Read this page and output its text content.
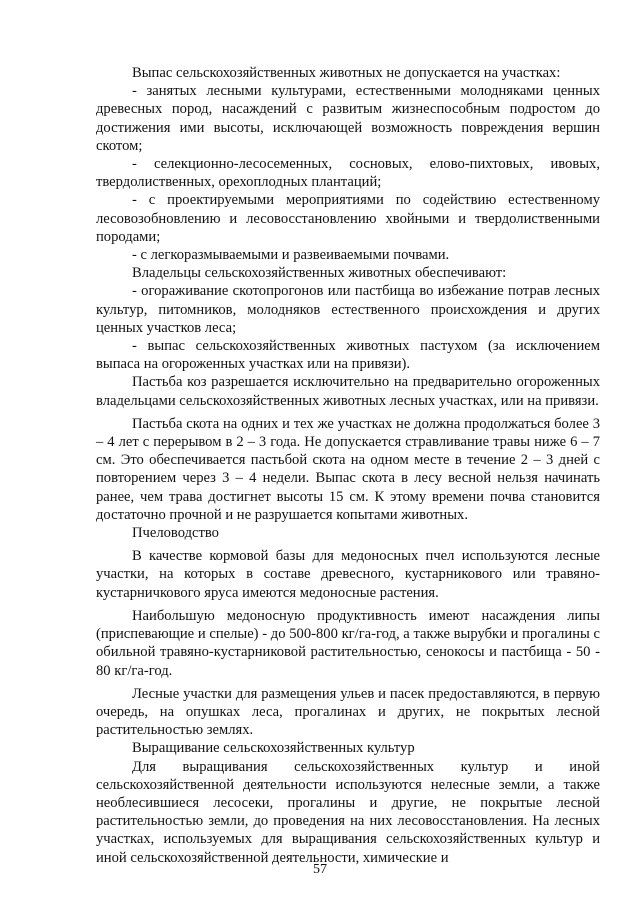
Выпас сельскохозяйственных животных не допускается на участках:

- занятых лесными культурами, естественными молодняками ценных древесных пород, насаждений с развитым жизнеспособным подростом до достижения ими высоты, исключающей возможность повреждения вершин скотом;

- селекционно-лесосеменных, сосновых, елово-пихтовых, ивовых, твердолиственных, орехоплодных плантаций;

- с проектируемыми мероприятиями по содействию естественному лесовозобновлению и лесовосстановлению хвойными и твердолиственными породами;

- с легкоразмываемыми и развеиваемыми почвами.

Владельцы сельскохозяйственных животных обеспечивают:

- огораживание скотопрогонов или пастбища во избежание потрав лесных культур, питомников, молодняков естественного происхождения и других ценных участков леса;

- выпас сельскохозяйственных животных пастухом (за исключением выпаса на огороженных участках или на привязи).

Пастьба коз разрешается исключительно на предварительно огороженных владельцами сельскохозяйственных животных лесных участках, или на привязи.

Пастьба скота на одних и тех же участках не должна продолжаться более 3 – 4 лет с перерывом в 2 – 3 года. Не допускается стравливание травы ниже 6 – 7 см. Это обеспечивается пастьбой скота на одном месте в течение 2 – 3 дней с повторением через 3 – 4 недели. Выпас скота в лесу весной нельзя начинать ранее, чем трава достигнет высоты 15 см. К этому времени почва становится достаточно прочной и не разрушается копытами животных.

Пчеловодство

В качестве кормовой базы для медоносных пчел используются лесные участки, на которых в составе древесного, кустарникового или травяно-кустарничкового яруса имеются медоносные растения.

Наибольшую медоносную продуктивность имеют насаждения липы (приспевающие и спелые) - до 500-800 кг/га-год, а также вырубки и прогалины с обильной травяно-кустарниковой растительностью, сенокосы и пастбища - 50 - 80 кг/га-год.

Лесные участки для размещения ульев и пасек предоставляются, в первую очередь, на опушках леса, прогалинах и других, не покрытых лесной растительностью землях.

Выращивание сельскохозяйственных культур

Для выращивания сельскохозяйственных культур и иной сельскохозяйственной деятельности используются нелесные земли, а также необлесившиеся лесосеки, прогалины и другие, не покрытые лесной растительностью земли, до проведения на них лесовосстановления. На лесных участках, используемых для выращивания сельскохозяйственных культур и иной сельскохозяйственной деятельности, химические и

57
